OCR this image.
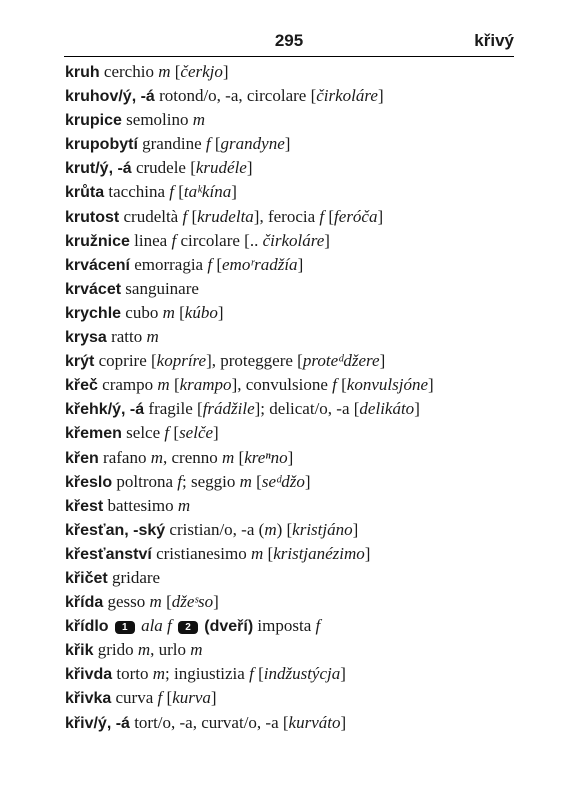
295	křivý
kruh cerchio m [čerkjo]
kruhov/ý, -á rotond/o, -a, circolare [čirkoláre]
krupice semolino m
krupobytí grandine f [grandyne]
krut/ý, -á crudele [krudéle]
krůta tacchina f [taᵏkína]
krutost crudeltà f [krudelta], ferocia f [feróča]
kružnice linea f circolare [.. čirkoláre]
krvácení emorragia f [emoʳradžía]
krvácet sanguinare
krychle cubo m [kúbo]
krysa ratto m
krýt coprire [kopríre], proteggere [proteᵈdžere]
křeč crampo m [krampo], convulsione f [konvulsjóne]
křehk/ý, -á fragile [frádžile]; delicat/o, -a [delikáto]
křemen selce f [selče]
křen rafano m, crenno m [kreⁿno]
křeslo poltrona f; seggio m [seᵈdžo]
křest battesimo m
křesťan, -ský cristian/o, -a (m) [kristjáno]
křesťanství cristianesimo m [kristjanézimo]
křičet gridare
křída gesso m [džeˢso]
křídlo 1 ala f 2 (dveří) imposta f
křik grido m, urlo m
křivda torto m; ingiustizia f [indžustýcja]
křivka curva f [kurva]
křiv/ý, -á tort/o, -a, curvat/o, -a [kurváto]
